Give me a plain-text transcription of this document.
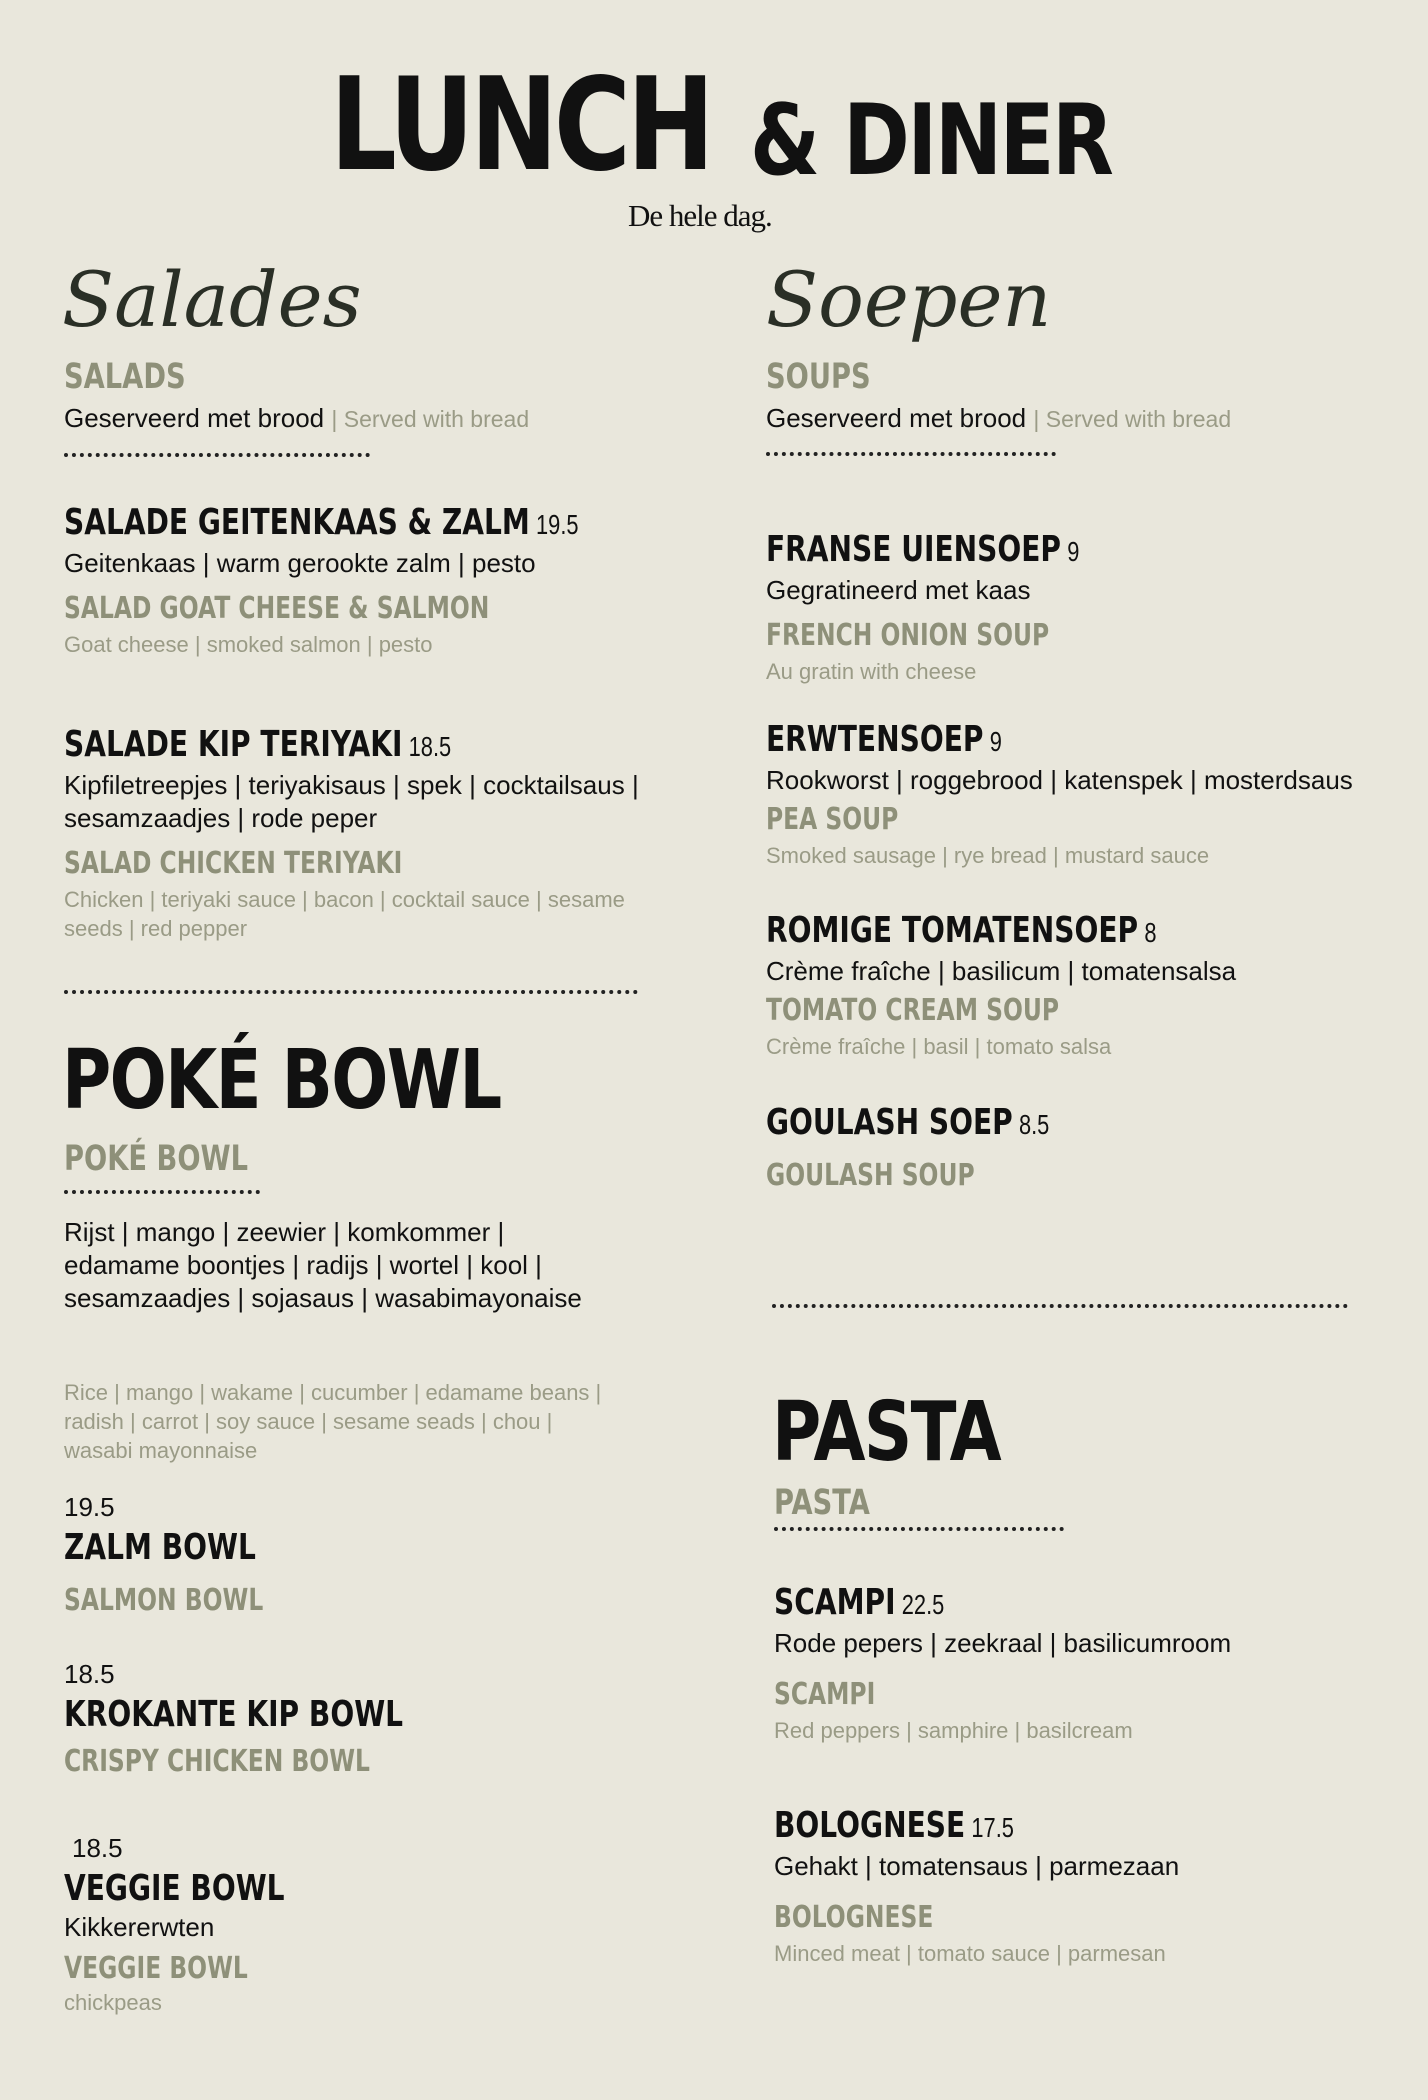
LUNCH & DINER
De hele dag.
Salades
SALADS
Geserveerd met brood | Served with bread
SALADE GEITENKAAS & ZALM 19.5
Geitenkaas | warm gerookte zalm | pesto
SALAD GOAT CHEESE & SALMON
Goat cheese | smoked salmon | pesto
SALADE KIP TERIYAKI 18.5
Kipfiletreepjes | teriyakisaus | spek | cocktailsaus | sesamzaadjes | rode peper
SALAD CHICKEN TERIYAKI
Chicken | teriyaki sauce | bacon | cocktail sauce | sesame seeds | red pepper
POKÉ BOWL
POKÉ BOWL
Rijst | mango | zeewier | komkommer | edamame boontjes | radijs | wortel | kool | sesamzaadjes | sojasaus | wasabimayonaise
Rice | mango | wakame | cucumber | edamame beans | radish | carrot | soy sauce | sesame seads | chou | wasabi mayonnaise
19.5
ZALM BOWL
SALMON BOWL
18.5
KROKANTE KIP BOWL
CRISPY CHICKEN BOWL
18.5
VEGGIE BOWL
Kikkererwten
VEGGIE BOWL
chickpeas
Soepen
SOUPS
Geserveerd met brood | Served with bread
FRANSE UIENSOEP 9
Gegratineerd met kaas
FRENCH ONION SOUP
Au gratin with cheese
ERWTENSOEP 9
Rookworst | roggebrood | katenspek | mosterdsaus
PEA SOUP
Smoked sausage | rye bread | mustard sauce
ROMIGE TOMATENSOEP 8
Crème fraîche | basilicum | tomatensalsa
TOMATO CREAM SOUP
Crème fraîche | basil | tomato salsa
GOULASH SOEP 8.5
GOULASH SOUP
PASTA
PASTA
SCAMPI 22.5
Rode pepers | zeekraal | basilicumroom
SCAMPI
Red peppers | samphire | basilcream
BOLOGNESE 17.5
Gehakt | tomatensaus | parmezaan
BOLOGNESE
Minced meat | tomato sauce | parmesan
